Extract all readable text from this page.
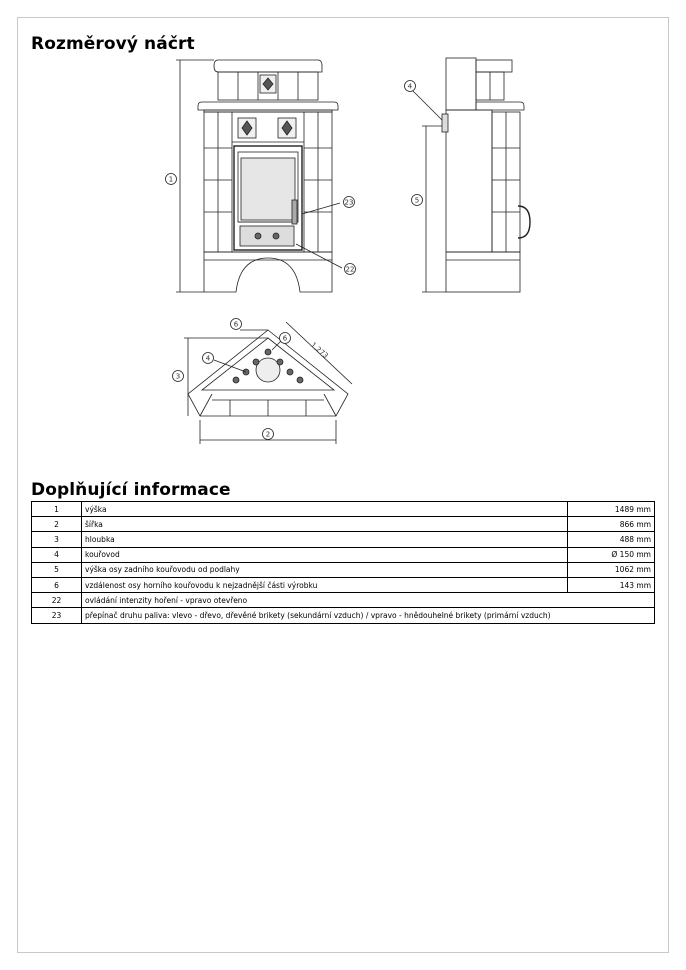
Rozměrový náčrt
1
23
22
4
5
6
6
4
3
2
1,273
Doplňující informace
1	výška	1489 mm
2	šířka	866 mm
3	hloubka	488 mm
4	kouřovod	Ø 150 mm
5	výška osy zadního kouřovodu od podlahy	1062 mm
6	vzdálenost osy horního kouřovodu k nejzadnější části výrobku	143 mm
22	ovládání intenzity hoření - vpravo otevřeno	
23	přepínač druhu paliva: vlevo - dřevo, dřevěné brikety (sekundární vzduch) / vpravo - hnědouhelné brikety (primární vzduch)	
